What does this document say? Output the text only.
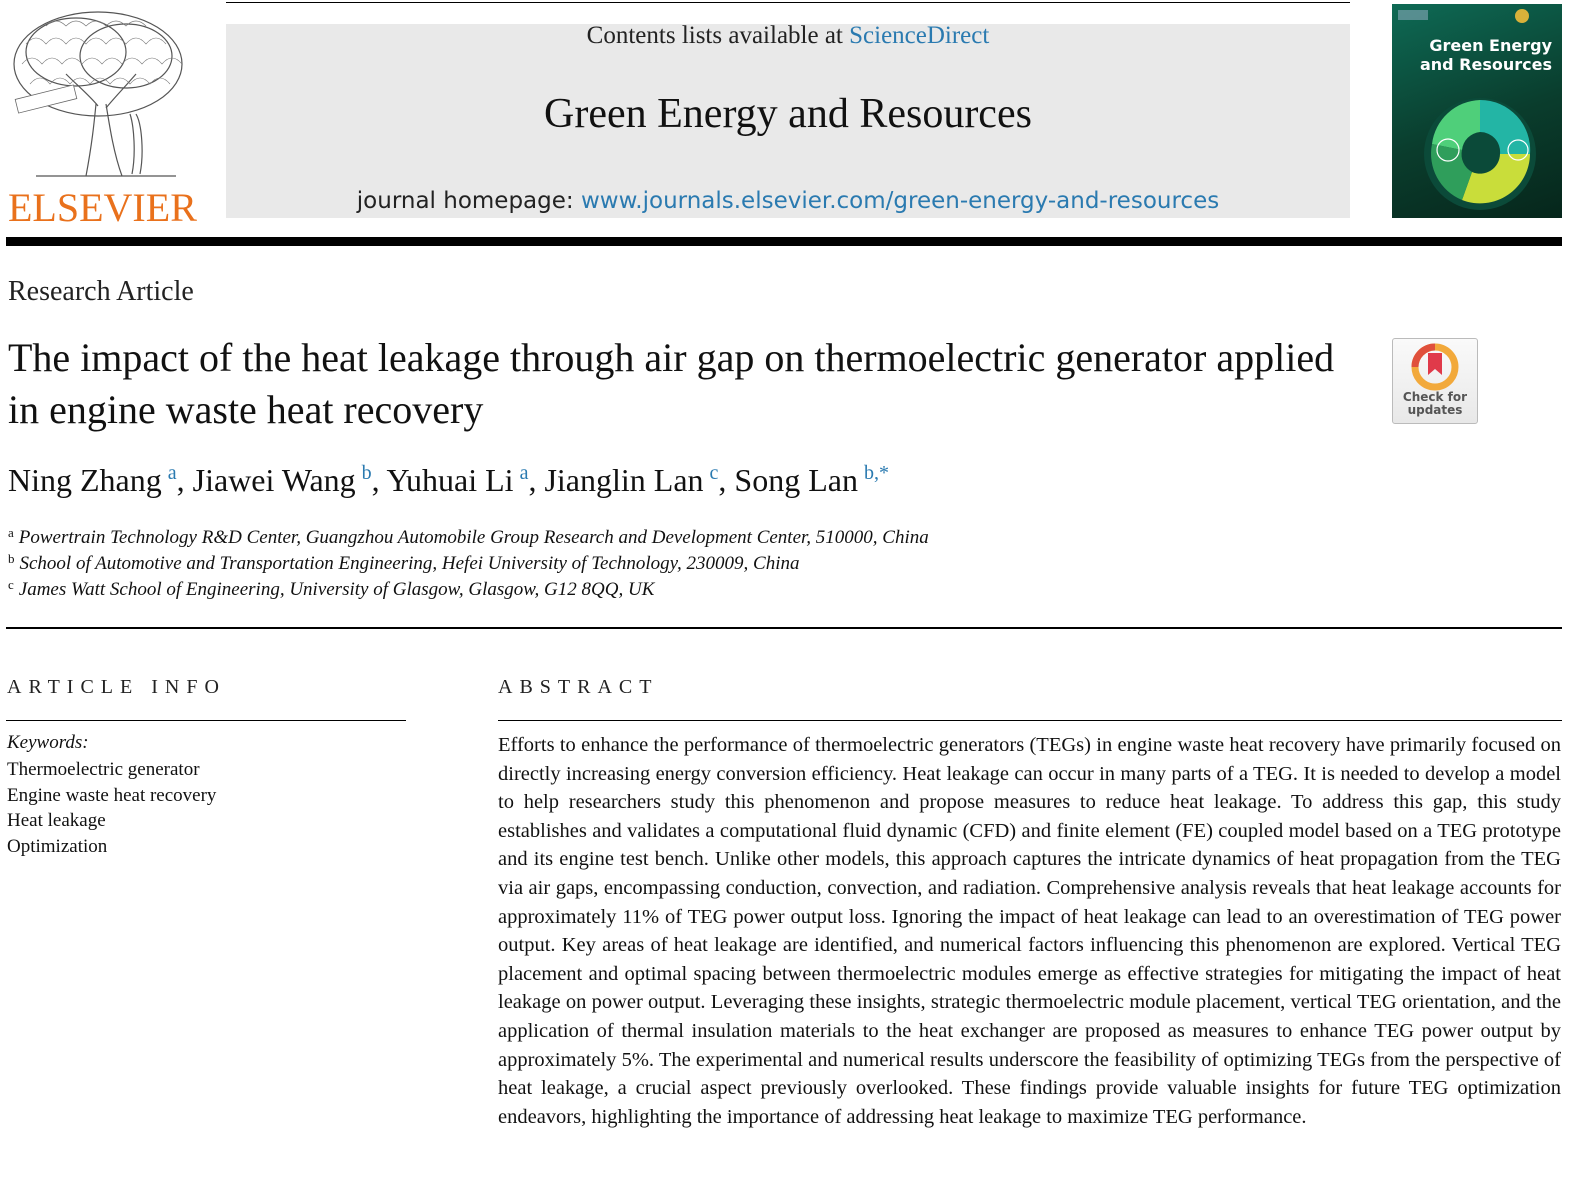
ELSEVIER
Contents lists available at ScienceDirect
Green Energy and Resources
journal homepage: www.journals.elsevier.com/green-energy-and-resources
Green Energy
and Resources
Research Article
The impact of the heat leakage through air gap on thermoelectric generator applied in engine waste heat recovery	Check for
updates
Ning Zhang $^a$, Jiawei Wang $^b$, Yuhuai Li $^a$, Jianglin Lan $^c$, Song Lan $^{b,*}$
$^a$ Powertrain Technology R&D Center, Guangzhou Automobile Group Research and Development Center, 510000, China
$^b$ School of Automotive and Transportation Engineering, Hefei University of Technology, 230009, China
$^c$ James Watt School of Engineering, University of Glasgow, Glasgow, G12 8QQ, UK
ARTICLE INFO
Keywords:
Thermoelectric generator
Engine waste heat recovery
Heat leakage
Optimization
ABSTRACT
Efforts to enhance the performance of thermoelectric generators (TEGs) in engine waste heat recovery have primarily focused on directly increasing energy conversion efficiency. Heat leakage can occur in many parts of a TEG. It is needed to develop a model to help researchers study this phenomenon and propose measures to reduce heat leakage. To address this gap, this study establishes and validates a computational fluid dynamic (CFD) and finite element (FE) coupled model based on a TEG prototype and its engine test bench. Unlike other models, this approach captures the intricate dynamics of heat propagation from the TEG via air gaps, encompassing conduction, convection, and radiation. Comprehensive analysis reveals that heat leakage accounts for approximately 11% of TEG power output loss. Ignoring the impact of heat leakage can lead to an overestimation of TEG power output. Key areas of heat leakage are identified, and numerical factors influencing this phenomenon are explored. Vertical TEG placement and optimal spacing between thermoelectric modules emerge as effective strategies for mitigating the impact of heat leakage on power output. Leveraging these insights, strategic thermoelectric module placement, vertical TEG orientation, and the application of thermal insulation materials to the heat exchanger are proposed as measures to enhance TEG power output by approximately 5%. The experimental and numerical results underscore the feasibility of optimizing TEGs from the perspective of heat leakage, a crucial aspect previously overlooked. These findings provide valuable insights for future TEG optimization endeavors, highlighting the importance of addressing heat leakage to maximize TEG performance.
